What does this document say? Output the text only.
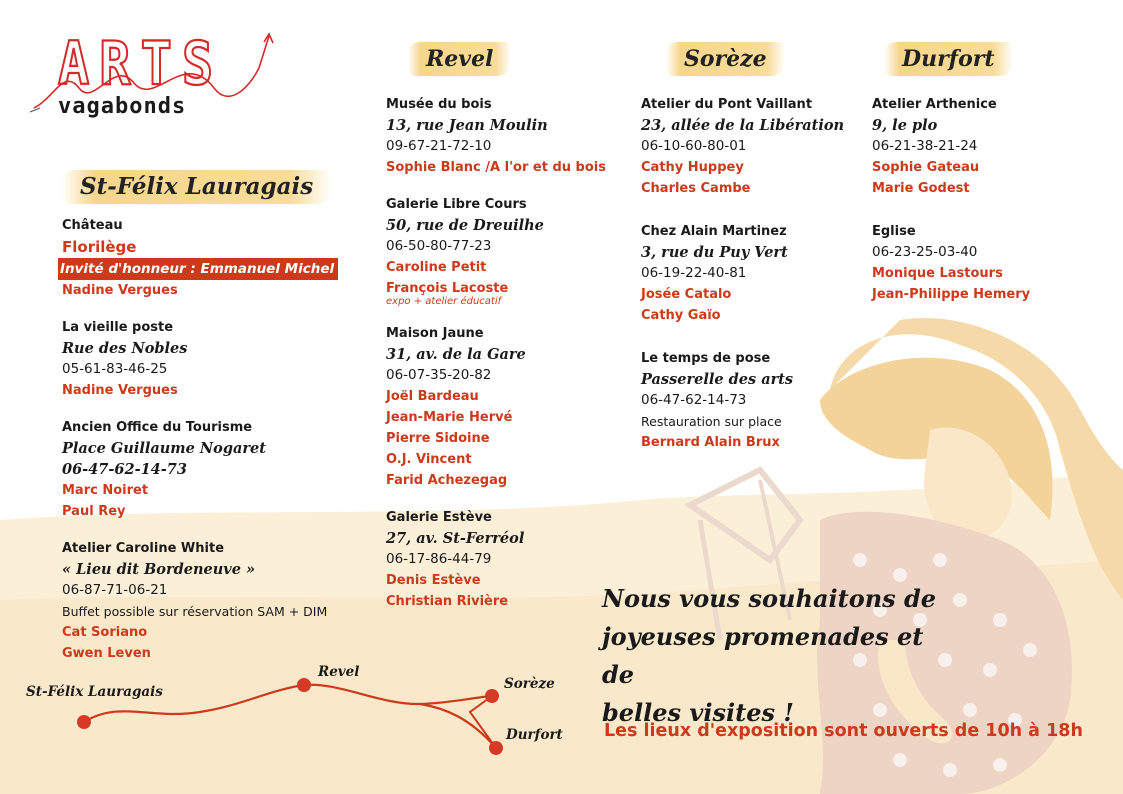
ARTS
vagabonds
St-Félix Lauragais
Revel	Sorèze	Durfort
Château
Florilège
Invité d'honneur : Emmanuel Michel
Nadine Vergues
La vieille poste
Rue des Nobles
05-61-83-46-25
Nadine Vergues
Ancien Office du Tourisme
Place Guillaume Nogaret
06-47-62-14-73
Marc Noiret
Paul Rey
Atelier Caroline White
« Lieu dit Bordeneuve »
06-87-71-06-21
Buffet possible sur réservation SAM + DIM
Cat Soriano
Gwen Leven
Musée du bois
13, rue Jean Moulin
09-67-21-72-10
Sophie Blanc /A l'or et du bois
Galerie Libre Cours
50, rue de Dreuilhe
06-50-80-77-23
Caroline Petit
François Lacoste
expo + atelier éducatif
Maison Jaune
31, av. de la Gare
06-07-35-20-82
Joël Bardeau
Jean-Marie Hervé
Pierre Sidoine
O.J. Vincent
Farid Achezegag
Galerie Estève
27, av. St-Ferréol
06-17-86-44-79
Denis Estève
Christian Rivière
Atelier du Pont Vaillant
23, allée de la Libération
06-10-60-80-01
Cathy Huppey
Charles Cambe
Chez Alain Martinez
3, rue du Puy Vert
06-19-22-40-81
Josée Catalo
Cathy Gaïo
Le temps de pose
Passerelle des arts
06-47-62-14-73
Restauration sur place
Bernard Alain Brux
Atelier Arthenice
9, le plo
06-21-38-21-24
Sophie Gateau
Marie Godest
Eglise
06-23-25-03-40
Monique Lastours
Jean-Philippe Hemery
St-Félix Lauragais
Revel
Sorèze
Durfort
Nous vous souhaitons de
joyeuses promenades et de
belles visites !
Les lieux d'exposition sont ouverts de 10h à 18h
